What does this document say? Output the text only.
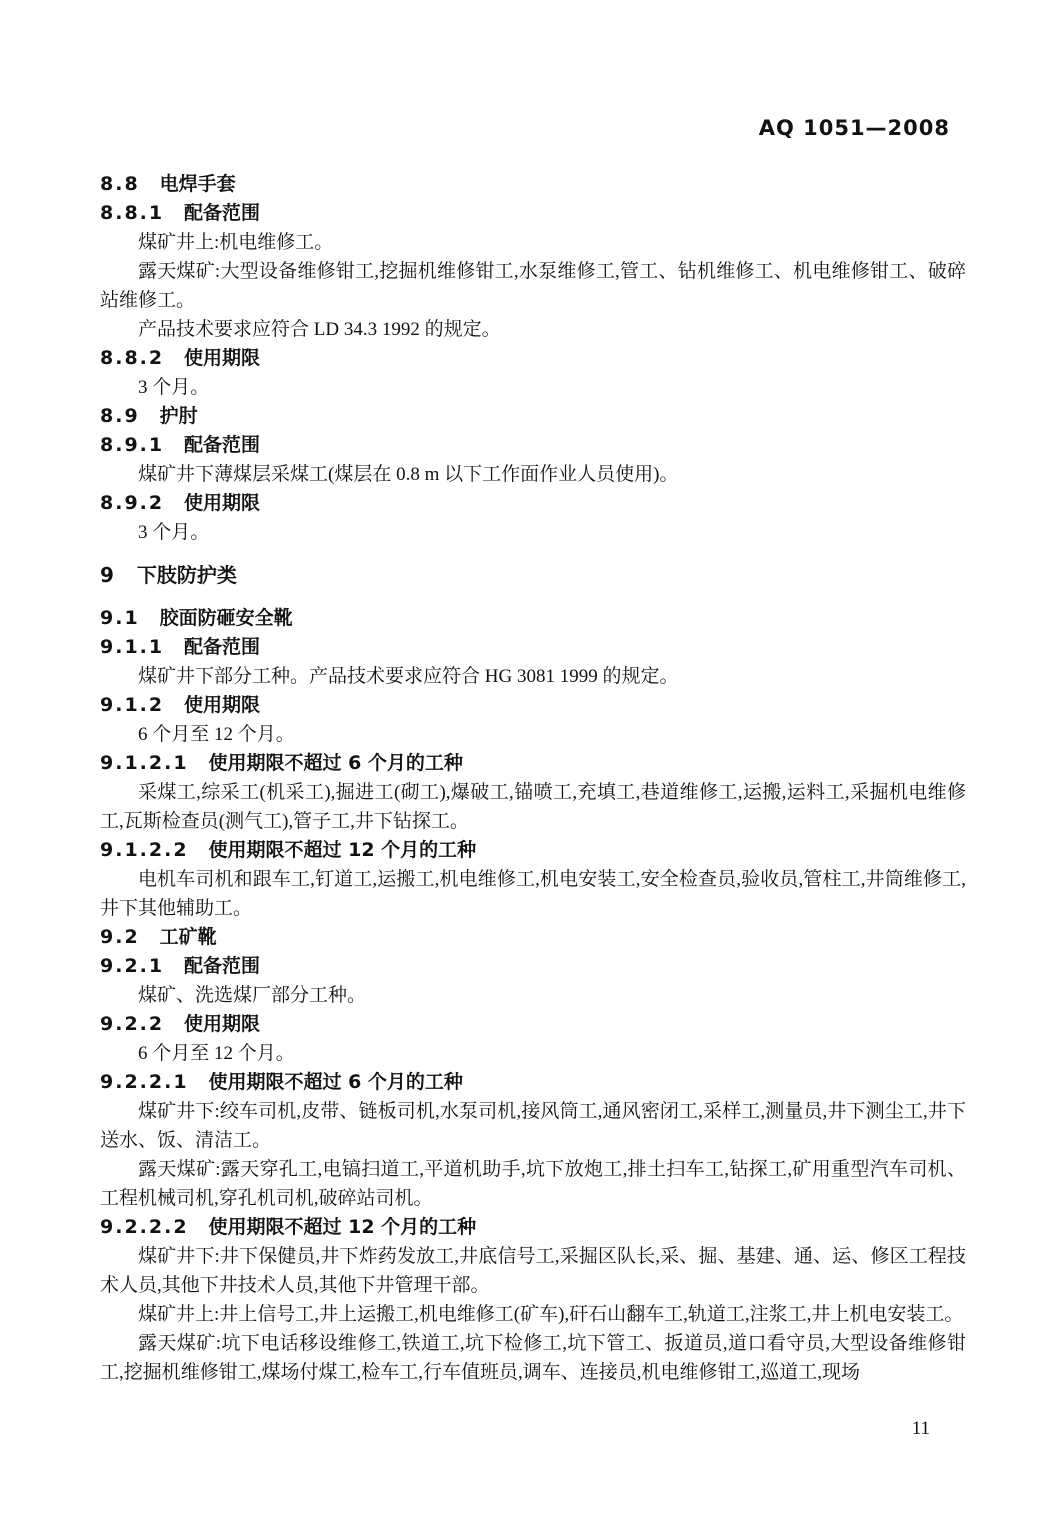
AQ 1051—2008
8.8 电焊手套
8.8.1 配备范围
煤矿井上:机电维修工。
露天煤矿:大型设备维修钳工,挖掘机维修钳工,水泵维修工,管工、钻机维修工、机电维修钳工、破碎站维修工。
产品技术要求应符合 LD 34.3 1992 的规定。
8.8.2 使用期限
3 个月。
8.9 护肘
8.9.1 配备范围
煤矿井下薄煤层采煤工(煤层在 0.8 m 以下工作面作业人员使用)。
8.9.2 使用期限
3 个月。
9 下肢防护类
9.1 胶面防砸安全靴
9.1.1 配备范围
煤矿井下部分工种。产品技术要求应符合 HG 3081 1999 的规定。
9.1.2 使用期限
6 个月至 12 个月。
9.1.2.1 使用期限不超过 6 个月的工种
采煤工,综采工(机采工),掘进工(砌工),爆破工,锚喷工,充填工,巷道维修工,运搬,运料工,采掘机电维修工,瓦斯检查员(测气工),管子工,井下钻探工。
9.1.2.2 使用期限不超过 12 个月的工种
电机车司机和跟车工,钉道工,运搬工,机电维修工,机电安装工,安全检查员,验收员,管柱工,井筒维修工,井下其他辅助工。
9.2 工矿靴
9.2.1 配备范围
煤矿、洗选煤厂部分工种。
9.2.2 使用期限
6 个月至 12 个月。
9.2.2.1 使用期限不超过 6 个月的工种
煤矿井下:绞车司机,皮带、链板司机,水泵司机,接风筒工,通风密闭工,采样工,测量员,井下测尘工,井下送水、饭、清洁工。
露天煤矿:露天穿孔工,电镐扫道工,平道机助手,坑下放炮工,排土扫车工,钻探工,矿用重型汽车司机、工程机械司机,穿孔机司机,破碎站司机。
9.2.2.2 使用期限不超过 12 个月的工种
煤矿井下:井下保健员,井下炸药发放工,井底信号工,采掘区队长,采、掘、基建、通、运、修区工程技术人员,其他下井技术人员,其他下井管理干部。
煤矿井上:井上信号工,井上运搬工,机电维修工(矿车),矸石山翻车工,轨道工,注浆工,井上机电安装工。
露天煤矿:坑下电话移设维修工,铁道工,坑下检修工,坑下管工、扳道员,道口看守员,大型设备维修钳工,挖掘机维修钳工,煤场付煤工,检车工,行车值班员,调车、连接员,机电维修钳工,巡道工,现场
11
